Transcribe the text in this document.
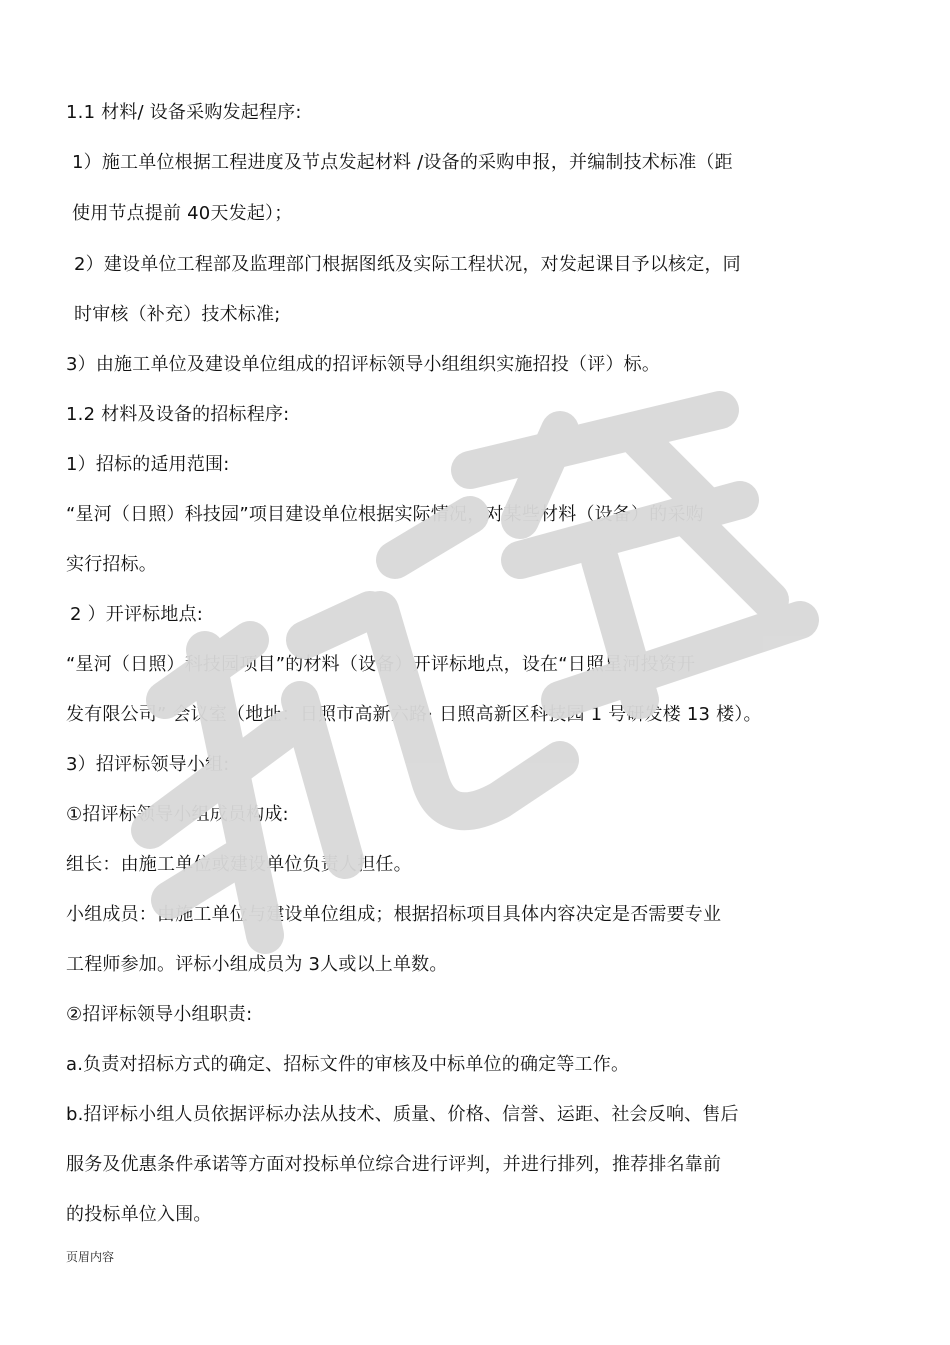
1.1 材料/ 设备采购发起程序:
1）施工单位根据工程进度及节点发起材料 /设备的采购申报，并编制技术标准（距
使用节点提前 40天发起）；
2）建设单位工程部及监理部门根据图纸及实际工程状况，对发起课目予以核定，同
时审核（补充）技术标准;
3）由施工单位及建设单位组成的招评标领导小组组织实施招投（评）标。
1.2 材料及设备的招标程序:
1）招标的适用范围:
“星河（日照）科技园”项目建设单位根据实际情况，对某些材料（设备）的采购
实行招标。
2 ）开评标地点:
“星河（日照）科技园项目”的材料（设备）开评标地点，设在“日照星河投资开
发有限公司” 会议室（地址：日照市高新六路· 日照高新区科技园 1 号研发楼 13 楼）。
3）招评标领导小组:
①招评标领导小组成员构成:
组长：由施工单位或建设单位负责人担任。
小组成员：由施工单位与建设单位组成；根据招标项目具体内容决定是否需要专业
工程师参加。评标小组成员为 3人或以上单数。
②招评标领导小组职责:
a.负责对招标方式的确定、招标文件的审核及中标单位的确定等工作。
b.招评标小组人员依据评标办法从技术、质量、价格、信誉、运距、社会反响、售后
服务及优惠条件承诺等方面对投标单位综合进行评判，并进行排列，推荐排名靠前
的投标单位入围。
页眉内容
